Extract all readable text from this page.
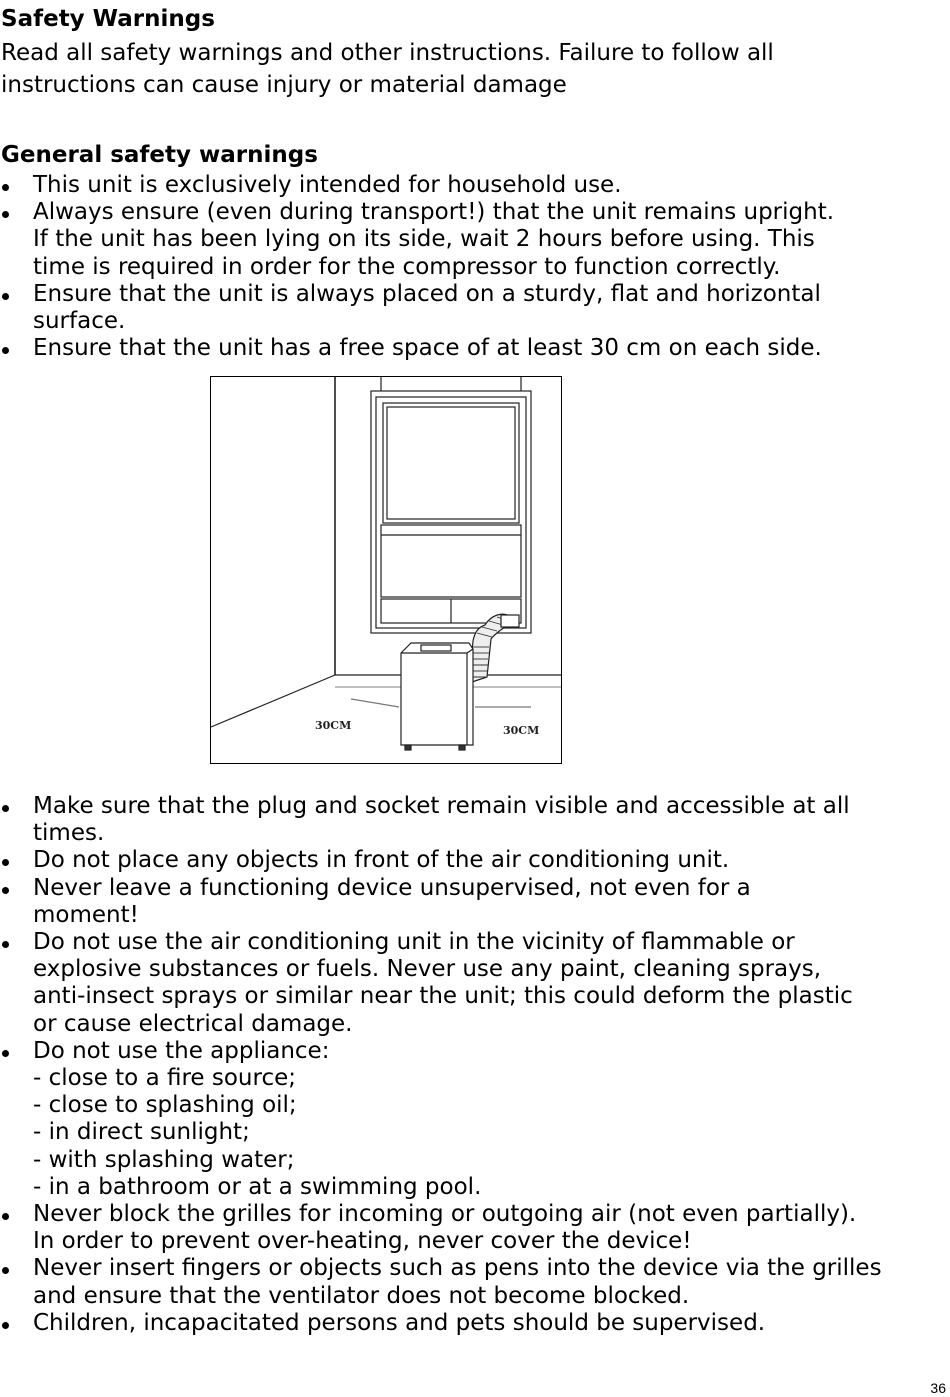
Safety Warnings
Read all safety warnings and other instructions. Failure to follow all
instructions can cause injury or material damage
General safety warnings
This unit is exclusively intended for household use.
Always ensure (even during transport!) that the unit remains upright.
If the unit has been lying on its side, wait 2 hours before using. This
time is required in order for the compressor to function correctly.
Ensure that the unit is always placed on a sturdy, flat and horizontal
surface.
Ensure that the unit has a free space of at least 30 cm on each side.
30CM	30CM
Make sure that the plug and socket remain visible and accessible at all
times.
Do not place any objects in front of the air conditioning unit.
Never leave a functioning device unsupervised, not even for a
moment!
Do not use the air conditioning unit in the vicinity of flammable or
explosive substances or fuels. Never use any paint, cleaning sprays,
anti-insect sprays or similar near the unit; this could deform the plastic
or cause electrical damage.
Do not use the appliance:
- close to a fire source;
- close to splashing oil;
- in direct sunlight;
- with splashing water;
- in a bathroom or at a swimming pool.
Never block the grilles for incoming or outgoing air (not even partially).
In order to prevent over-heating, never cover the device!
Never insert fingers or objects such as pens into the device via the grilles
and ensure that the ventilator does not become blocked.
Children, incapacitated persons and pets should be supervised.
36
